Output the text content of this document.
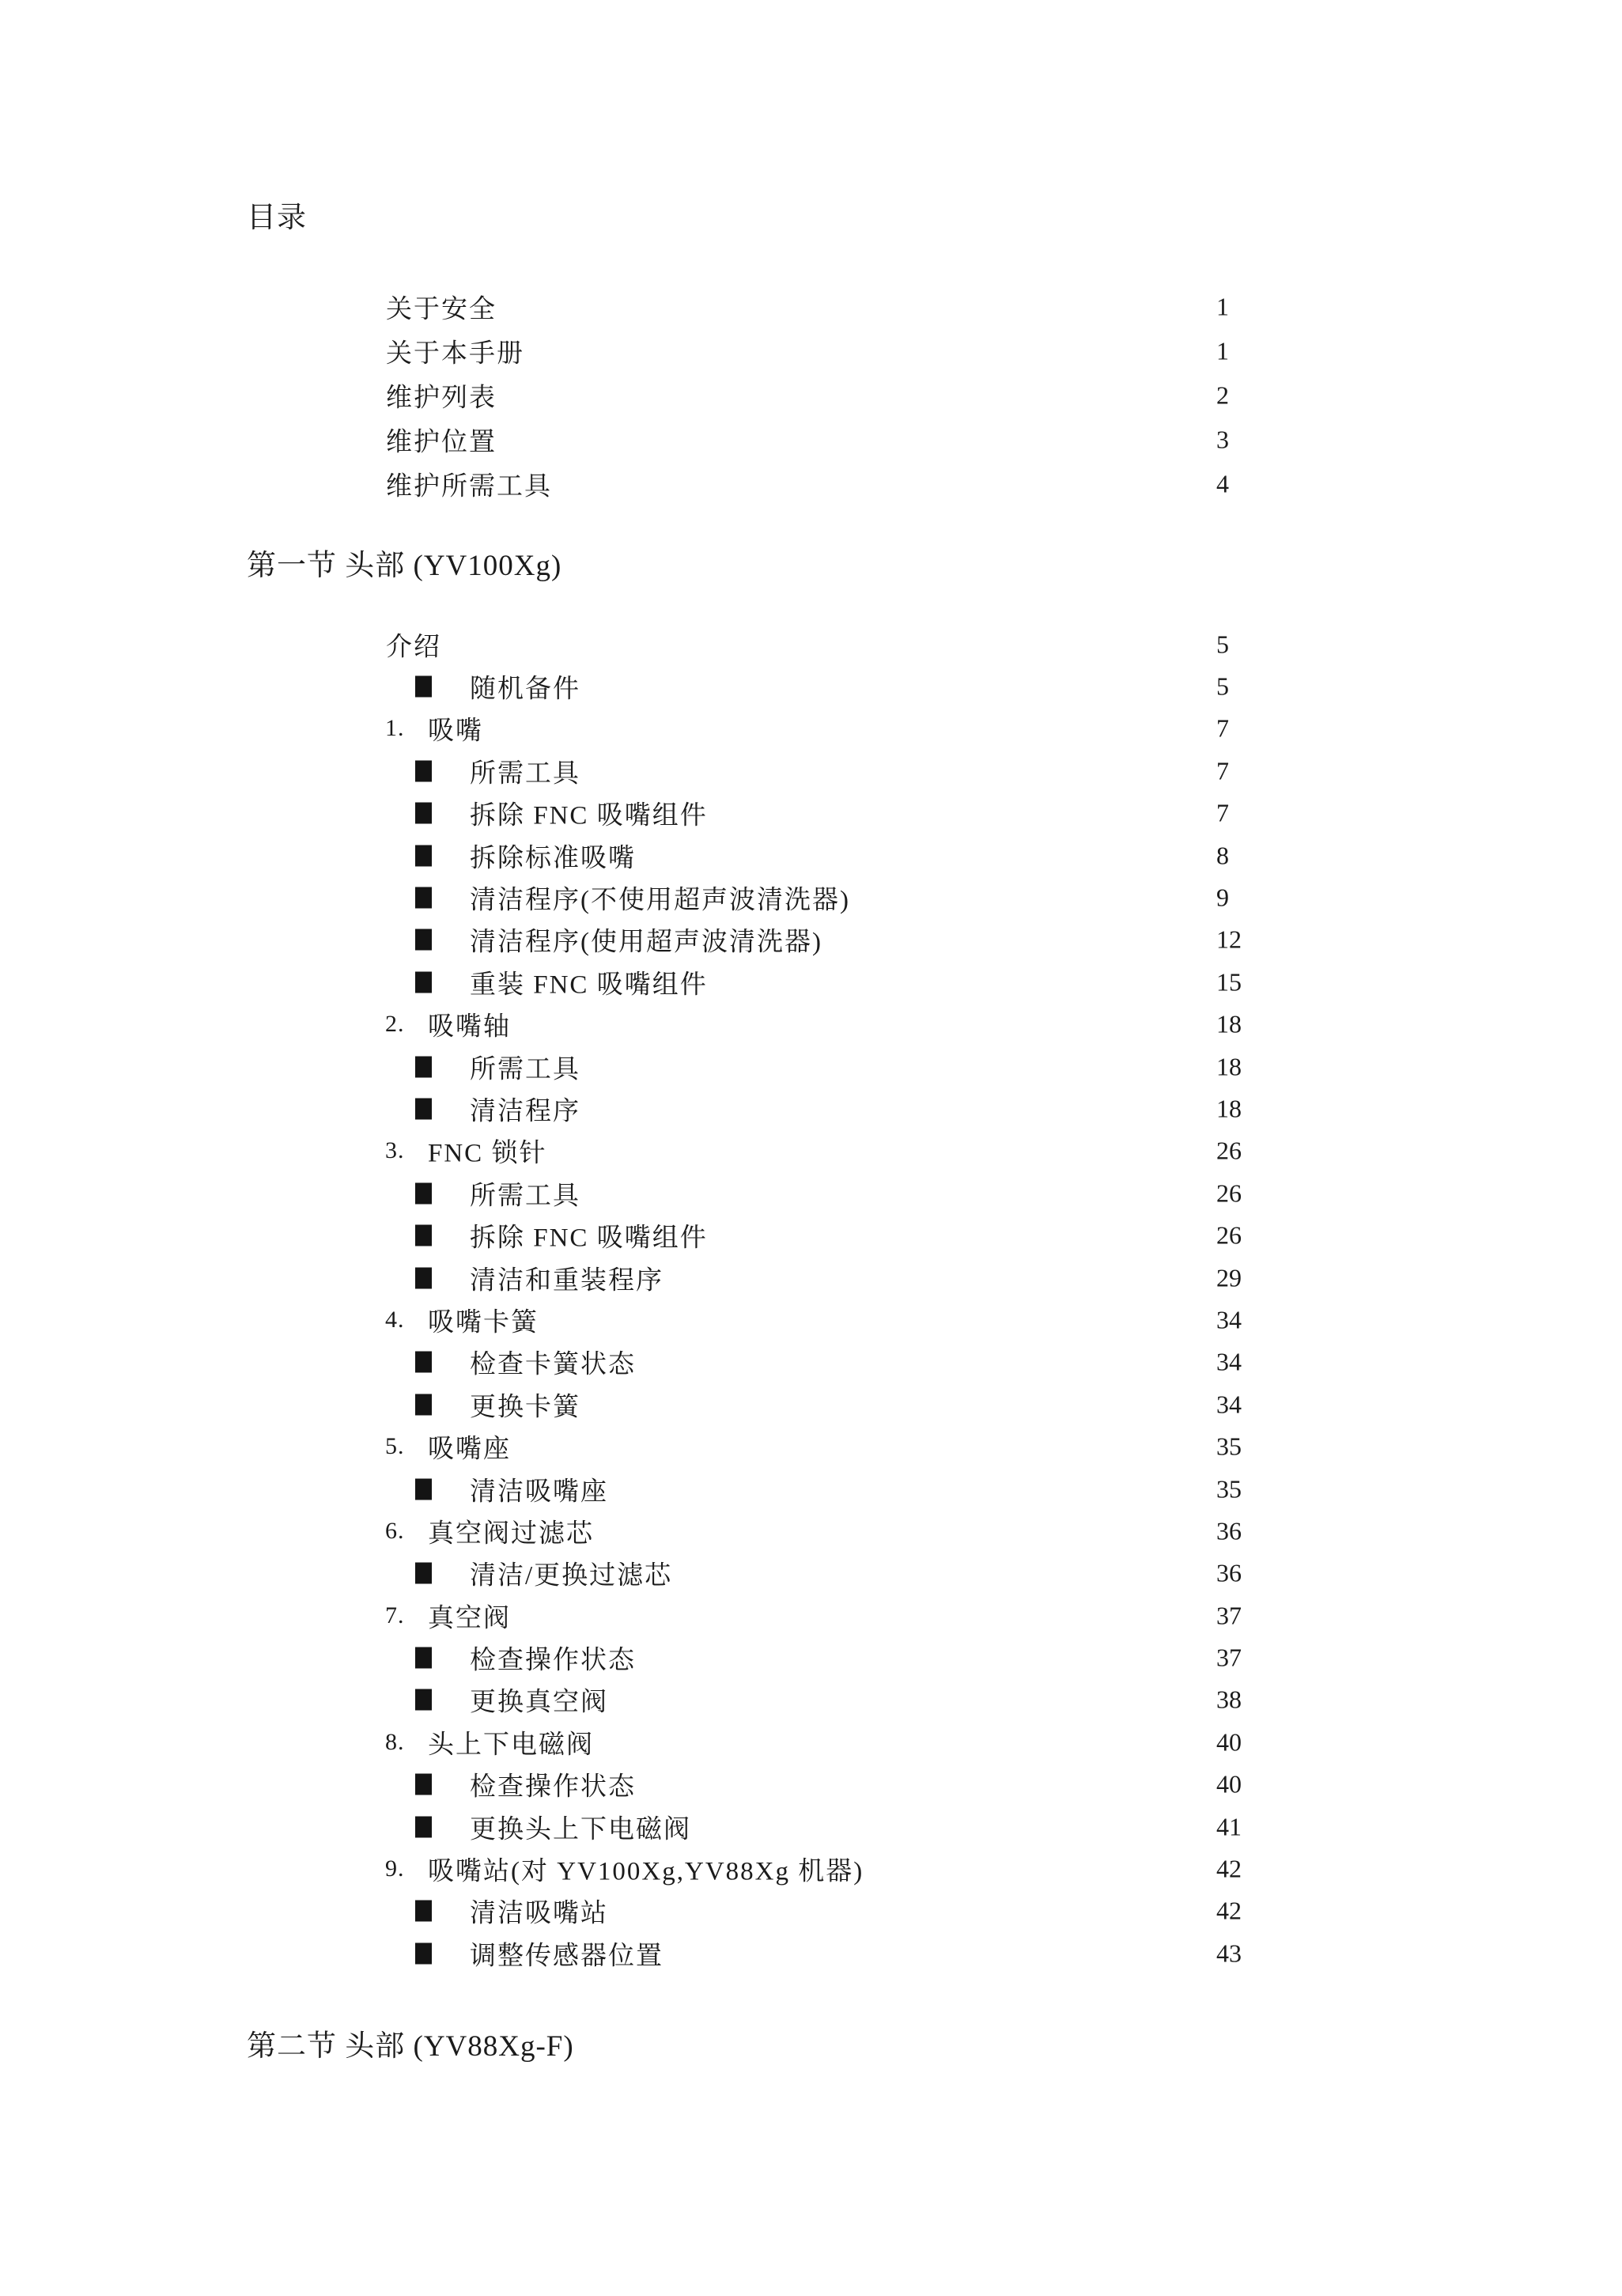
目录
关于安全	1
关于本手册	1
维护列表	2
维护位置	3
维护所需工具	4
第一节 头部 (YV100Xg)
介绍	5
随机备件	5
1. 吸嘴	7
所需工具	7
拆除 FNC 吸嘴组件	7
拆除标准吸嘴	8
清洁程序(不使用超声波清洗器)	9
清洁程序(使用超声波清洗器)	12
重装 FNC 吸嘴组件	15
2. 吸嘴轴	18
所需工具	18
清洁程序	18
3. FNC 锁针	26
所需工具	26
拆除 FNC 吸嘴组件	26
清洁和重装程序	29
4. 吸嘴卡簧	34
检查卡簧状态	34
更换卡簧	34
5. 吸嘴座	35
清洁吸嘴座	35
6. 真空阀过滤芯	36
清洁/更换过滤芯	36
7. 真空阀	37
检查操作状态	37
更换真空阀	38
8. 头上下电磁阀	40
检查操作状态	40
更换头上下电磁阀	41
9. 吸嘴站(对 YV100Xg,YV88Xg 机器)	42
清洁吸嘴站	42
调整传感器位置	43
第二节 头部 (YV88Xg-F)
